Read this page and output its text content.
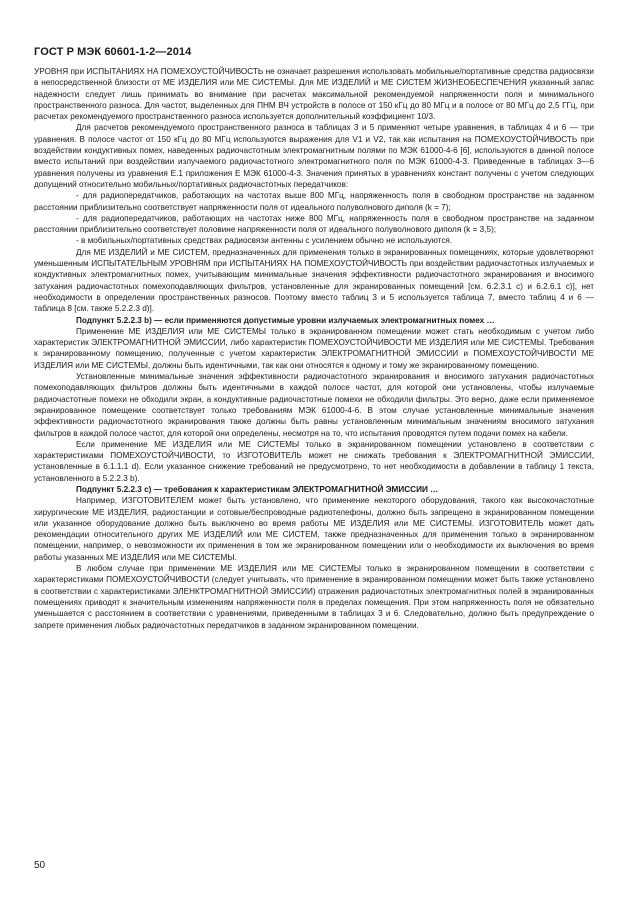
ГОСТ Р МЭК 60601-1-2—2014

УРОВНЯ при ИСПЫТАНИЯХ НА ПОМЕХОУСТОЙЧИВОСТЬ не означает разрешения использовать мобильные/портативные средства радиосвязи в непосредственной близости от МЕ ИЗДЕЛИЯ или МЕ СИСТЕМЫ. Для МЕ ИЗДЕЛИЙ и МЕ СИСТЕМ ЖИЗНЕОБЕСПЕЧЕНИЯ указанный запас надежности следует лишь принимать во внимание при расчетах максимальной рекомендуемой напряженности поля и минимального пространственного разноса. Для частот, выделенных для ПНМ ВЧ устройств в полосе от 150 кГц до 80 МГц и в полосе от 80 МГц до 2,5 ГГц, при расчетах рекомендуемого пространственного разноса используется дополнительный коэффициент 10/3.

Для расчетов рекомендуемого пространственного разноса в таблицах 3 и 5 применяют четыре уравнения, в таблицах 4 и 6 — три уравнения. В полосе частот от 150 кГц до 80 МГц используются выражения для V1 и V2, так как испытания на ПОМЕХОУСТОЙЧИВОСТЬ при воздействии кондуктивных помех, наведенных радиочастотным электромагнитным полями по МЭК 61000-4-6 [6], используются в данной полосе вместо испытаний при воздействии излучаемого радиочастотного электромагнитного поля по МЭК 61000-4-3. Приведенные в таблицах 3—6 уравнения получены из уравнения Е.1 приложения Е МЭК 61000-4-3. Значения принятых в уравнениях констант получены с учетом следующих допущений относительно мобильных/портативных радиочастотных передатчиков:

- для радиопередатчиков, работающих на частотах выше 800 МГц, напряженность поля в свободном пространстве на заданном расстоянии приблизительно соответствует напряженности поля от идеального полуволнового диполя (k = 7);

- для радиопередатчиков, работающих на частотах ниже 800 МГц, напряженность поля в свободном пространстве на заданном расстоянии приблизительно соответствует половине напряженности поля от идеального полуволнового диполя (k = 3,5);

- в мобильных/портативных средствах радиосвязи антенны с усилением обычно не используются.

Для МЕ ИЗДЕЛИЙ и МЕ СИСТЕМ, предназначенных для применения только в экранированных помещениях, которые удовлетворяют уменьшенным ИСПЫТАТЕЛЬНЫМ УРОВНЯМ при ИСПЫТАНИЯХ НА ПОМЕХОУСТОЙЧИВОСТЬ при воздействии радиочастотных излучаемых и кондуктивных электромагнитных помех, учитывающим минимальные значения эффективности радиочастотного экранирования и вносимого затухания радиочастотных помехоподавляющих фильтров, установленные для экранированных помещений [см. 6.2.3.1 с) и 6.2.6.1 с)], нет необходимости в определении пространственных разносов. Поэтому вместо таблиц 3 и 5 используется таблица 7, вместо таблиц 4 и 6 — таблица 8 [см. также 5.2.2.3 d)].

Подпункт 5.2.2.3 b) — если применяются допустимые уровни излучаемых электромагнитных помех …

Применение МЕ ИЗДЕЛИЯ или МЕ СИСТЕМЫ только в экранированном помещении может стать необходимым с учетом либо характеристик ЭЛЕКТРОМАГНИТНОЙ ЭМИССИИ, либо характеристик ПОМЕХОУСТОЙЧИВОСТИ МЕ ИЗДЕЛИЯ или МЕ СИСТЕМЫ. Требования к экранированному помещению, полученные с учетом характеристик ЭЛЕКТРОМАГНИТНОЙ ЭМИССИИ и ПОМЕХОУСТОЙЧИВОСТИ МЕ ИЗДЕЛИЯ или МЕ СИСТЕМЫ, должны быть идентичными, так как они относятся к одному и тому же экранированному помещению.

Установленные минимальные значения эффективности радиочастотного экранирования и вносимого затухания радиочастотных помехоподавляющих фильтров должны быть идентичными в каждой полосе частот, для которой они установлены, чтобы излучаемые радиочастотные помехи не обходили экран, а кондуктивные радиочастотные помехи не обходили фильтры. Это верно, даже если применяемое экранированное помещение соответствует только требованиям МЭК 61000-4-6. В этом случае установленные минимальные значения эффективности радиочастотного экранирования также должны быть равны установленным минимальным значениям вносимого затухания фильтров в каждой полосе частот, для которой они определены, несмотря на то, что испытания проводятся путем подачи помех на кабели.

Если применение МЕ ИЗДЕЛИЯ или МЕ СИСТЕМЫ только в экранированном помещении установлено в соответствии с характеристиками ПОМЕХОУСТОЙЧИВОСТИ, то ИЗГОТОВИТЕЛЬ может не снижать требования к ЭЛЕКТРОМАГНИТНОЙ ЭМИССИИ, установленные в 6.1.1.1 d). Если указанное снижение требований не предусмотрено, то нет необходимости в добавлении в таблицу 1 текста, установленного в 5.2.2.3 b).

Подпункт 5.2.2.3 с) — требования к характеристикам ЭЛЕКТРОМАГНИТНОЙ ЭМИССИИ …

Например, ИЗГОТОВИТЕЛЕМ может быть установлено, что применение некоторого оборудования, такого как высокочастотные хирургические МЕ ИЗДЕЛИЯ, радиостанции и сотовые/беспроводные радиотелефоны, должно быть запрещено в экранированном помещении или указанное оборудование должно быть выключено во время работы МЕ ИЗДЕЛИЯ или МЕ СИСТЕМЫ. ИЗГОТОВИТЕЛЬ может дать рекомендации относительного других МЕ ИЗДЕЛИЙ или МЕ СИСТЕМ, также предназначенных для применения только в экранированном помещении, например, о невозможности их применения в том же экранированном помещении или о необходимости их выключения во время работы указанных МЕ ИЗДЕЛИЯ или МЕ СИСТЕМЫ.

В любом случае при применении МЕ ИЗДЕЛИЯ или МЕ СИСТЕМЫ только в экранированном помещении в соответствии с характеристиками ПОМЕХОУСТОЙЧИВОСТИ (следует учитывать, что применение в экранированном помещении может быть также установлено в соответствии с характеристиками ЭЛЕНКТРОМАГНИТНОЙ ЭМИССИИ) отражения радиочастотных электромагнитных полей в экранированных помещениях приводят к значительным изменениям напряженности поля в пределах помещения. При этом напряженность поля не обязательно уменьшается с расстоянием в соответствии с уравнениями, приведенными в таблицах 3 и 6. Следовательно, должно быть предупреждение о запрете применения любых радиочастотных передатчиков в заданном экранированном помещении.

50
